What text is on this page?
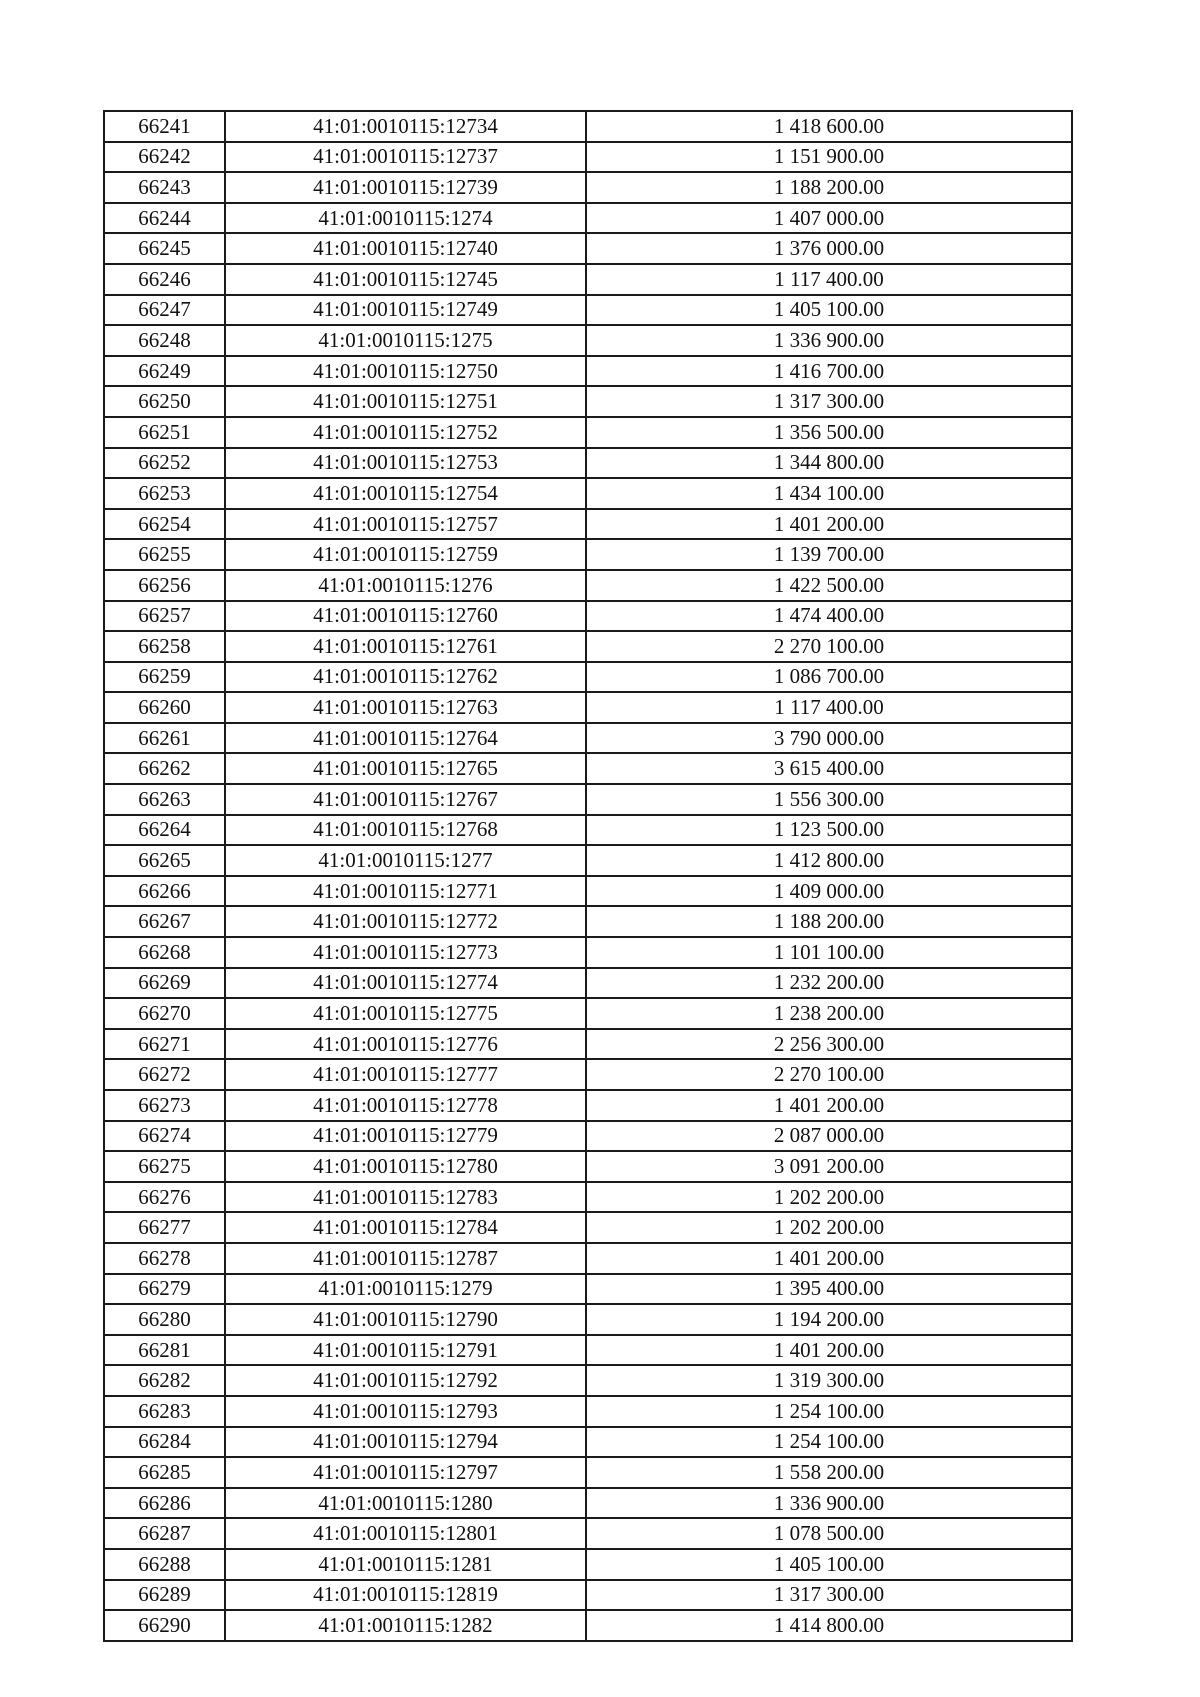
66241	41:01:0010115:12734	1 418 600.00
66242	41:01:0010115:12737	1 151 900.00
66243	41:01:0010115:12739	1 188 200.00
66244	41:01:0010115:1274	1 407 000.00
66245	41:01:0010115:12740	1 376 000.00
66246	41:01:0010115:12745	1 117 400.00
66247	41:01:0010115:12749	1 405 100.00
66248	41:01:0010115:1275	1 336 900.00
66249	41:01:0010115:12750	1 416 700.00
66250	41:01:0010115:12751	1 317 300.00
66251	41:01:0010115:12752	1 356 500.00
66252	41:01:0010115:12753	1 344 800.00
66253	41:01:0010115:12754	1 434 100.00
66254	41:01:0010115:12757	1 401 200.00
66255	41:01:0010115:12759	1 139 700.00
66256	41:01:0010115:1276	1 422 500.00
66257	41:01:0010115:12760	1 474 400.00
66258	41:01:0010115:12761	2 270 100.00
66259	41:01:0010115:12762	1 086 700.00
66260	41:01:0010115:12763	1 117 400.00
66261	41:01:0010115:12764	3 790 000.00
66262	41:01:0010115:12765	3 615 400.00
66263	41:01:0010115:12767	1 556 300.00
66264	41:01:0010115:12768	1 123 500.00
66265	41:01:0010115:1277	1 412 800.00
66266	41:01:0010115:12771	1 409 000.00
66267	41:01:0010115:12772	1 188 200.00
66268	41:01:0010115:12773	1 101 100.00
66269	41:01:0010115:12774	1 232 200.00
66270	41:01:0010115:12775	1 238 200.00
66271	41:01:0010115:12776	2 256 300.00
66272	41:01:0010115:12777	2 270 100.00
66273	41:01:0010115:12778	1 401 200.00
66274	41:01:0010115:12779	2 087 000.00
66275	41:01:0010115:12780	3 091 200.00
66276	41:01:0010115:12783	1 202 200.00
66277	41:01:0010115:12784	1 202 200.00
66278	41:01:0010115:12787	1 401 200.00
66279	41:01:0010115:1279	1 395 400.00
66280	41:01:0010115:12790	1 194 200.00
66281	41:01:0010115:12791	1 401 200.00
66282	41:01:0010115:12792	1 319 300.00
66283	41:01:0010115:12793	1 254 100.00
66284	41:01:0010115:12794	1 254 100.00
66285	41:01:0010115:12797	1 558 200.00
66286	41:01:0010115:1280	1 336 900.00
66287	41:01:0010115:12801	1 078 500.00
66288	41:01:0010115:1281	1 405 100.00
66289	41:01:0010115:12819	1 317 300.00
66290	41:01:0010115:1282	1 414 800.00
